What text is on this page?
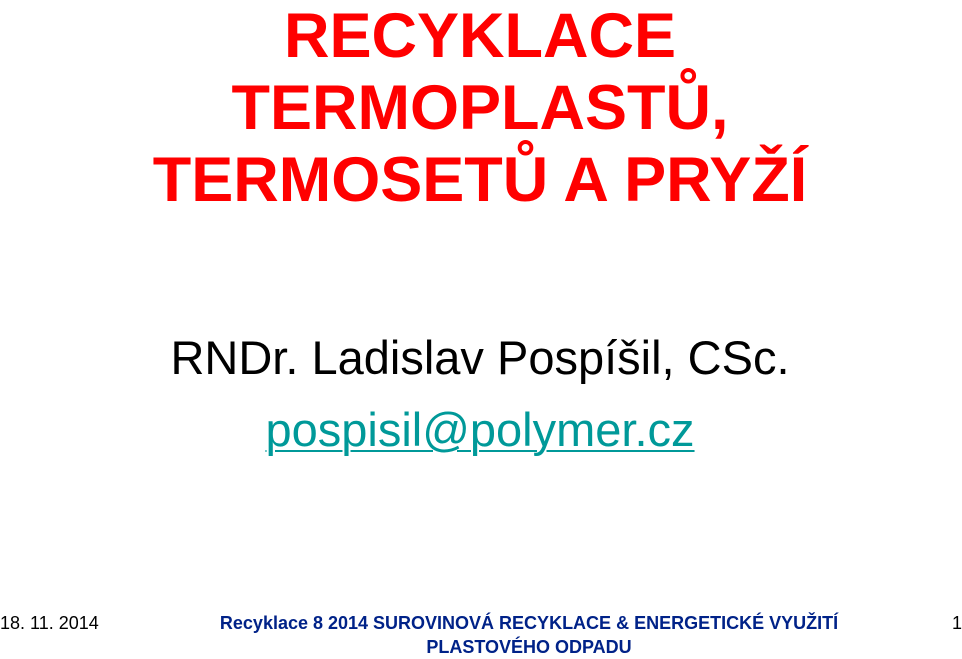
RECYKLACE
TERMOPLASTŮ,
TERMOSETŮ A PRYŽÍ
RNDr. Ladislav Pospíšil, CSc.
pospisil@polymer.cz
18. 11. 2014	Recyklace 8 2014 SUROVINOVÁ RECYKLACE & ENERGETICKÉ VYUŽITÍ
PLASTOVÉHO ODPADU
1
